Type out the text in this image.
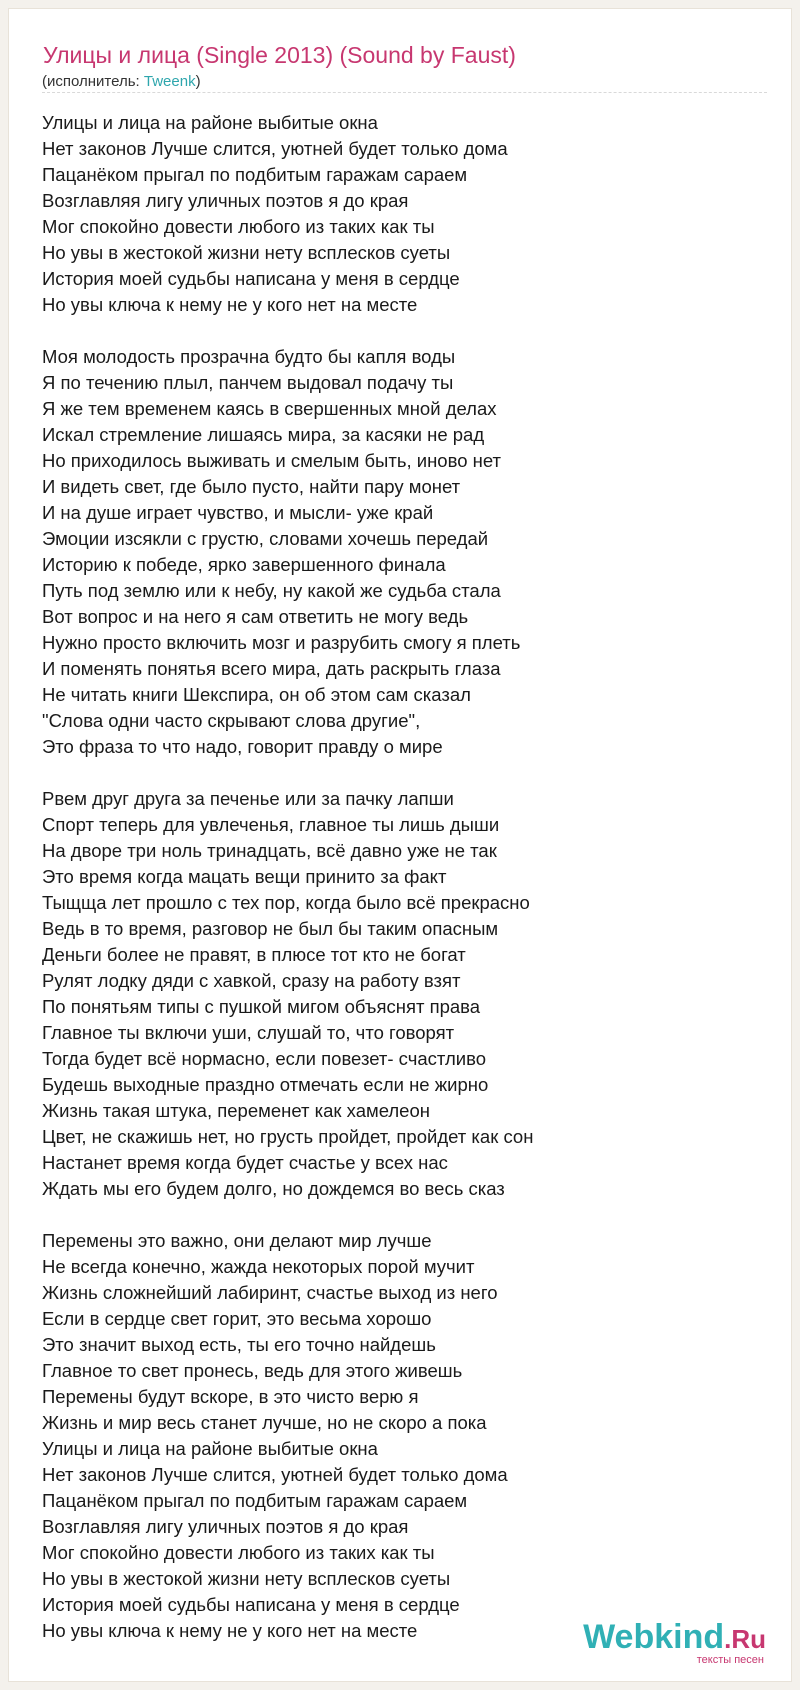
Улицы и лица (Single 2013) (Sound by Faust)
(исполнитель: Tweenk)
Улицы и лица на районе выбитые окна
Нет законов Лучше слится, уютней будет только дома
Пацанёком прыгал по подбитым гаражам сараем
Возглавляя лигу уличных поэтов я до края
Мог спокойно довести любого из таких как ты
Но увы в жестокой жизни нету всплесков суеты
История моей судьбы написана у меня в сердце
Но увы ключа к нему не у кого нет на месте
Моя молодость прозрачна будто бы капля воды
Я по течению плыл, панчем выдовал подачу ты
Я же тем временем каясь в свершенных мной делах
Искал стремление лишаясь мира, за касяки не рад
Но приходилось выживать и смелым быть, иново нет
И видеть свет, где было пусто, найти пару монет
И на душе играет чувство, и мысли- уже край
Эмоции изсякли с грустю, словами хочешь передай
Историю к победе, ярко завершенного финала
Путь под землю или к небу, ну какой же судьба стала
Вот вопрос и на него я сам ответить не могу ведь
Нужно просто включить мозг и разрубить смогу я плеть
И поменять понятья всего мира, дать раскрыть глаза
Не читать книги Шекспира, он об этом сам сказал
"Слова одни часто скрывают слова другие",
Это фраза то что надо, говорит правду о мире
Рвем друг друга за печенье или за пачку лапши
Спорт теперь для увлеченья, главное ты лишь дыши
На дворе три ноль тринадцать, всё давно уже не так
Это время когда мацать вещи принито за факт
Тыщща лет прошло с тех пор, когда было всё прекрасно
Ведь в то время, разговор не был бы таким опасным
Деньги более не правят, в плюсе тот кто не богат
Рулят лодку дяди с хавкой, сразу на работу взят
По понятьям типы с пушкой мигом объяснят права
Главное ты включи уши, слушай то, что говорят
Тогда будет всё нормасно, если повезет- счастливо
Будешь выходные праздно отмечать если не жирно
Жизнь такая штука, переменет как хамелеон
Цвет, не скажишь нет, но грусть пройдет, пройдет как сон
Настанет время когда будет счастье у всех нас
Ждать мы его будем долго, но дождемся во весь сказ
Перемены это важно, они делают мир лучше
Не всегда конечно, жажда некоторых порой мучит
Жизнь сложнейший лабиринт, счастье выход из него
Если в сердце свет горит, это весьма хорошо
Это значит выход есть, ты его точно найдешь
Главное то свет пронесь, ведь для этого живешь
Перемены будут вскоре, в это чисто верю я
Жизнь и мир весь станет лучше, но не скоро а пока
Улицы и лица на районе выбитые окна
Нет законов Лучше слится, уютней будет только дома
Пацанёком прыгал по подбитым гаражам сараем
Возглавляя лигу уличных поэтов я до края
Мог спокойно довести любого из таких как ты
Но увы в жестокой жизни нету всплесков суеты
История моей судьбы написана у меня в сердце
Но увы ключа к нему не у кого нет на месте	Webkind.Ru
тексты песен
